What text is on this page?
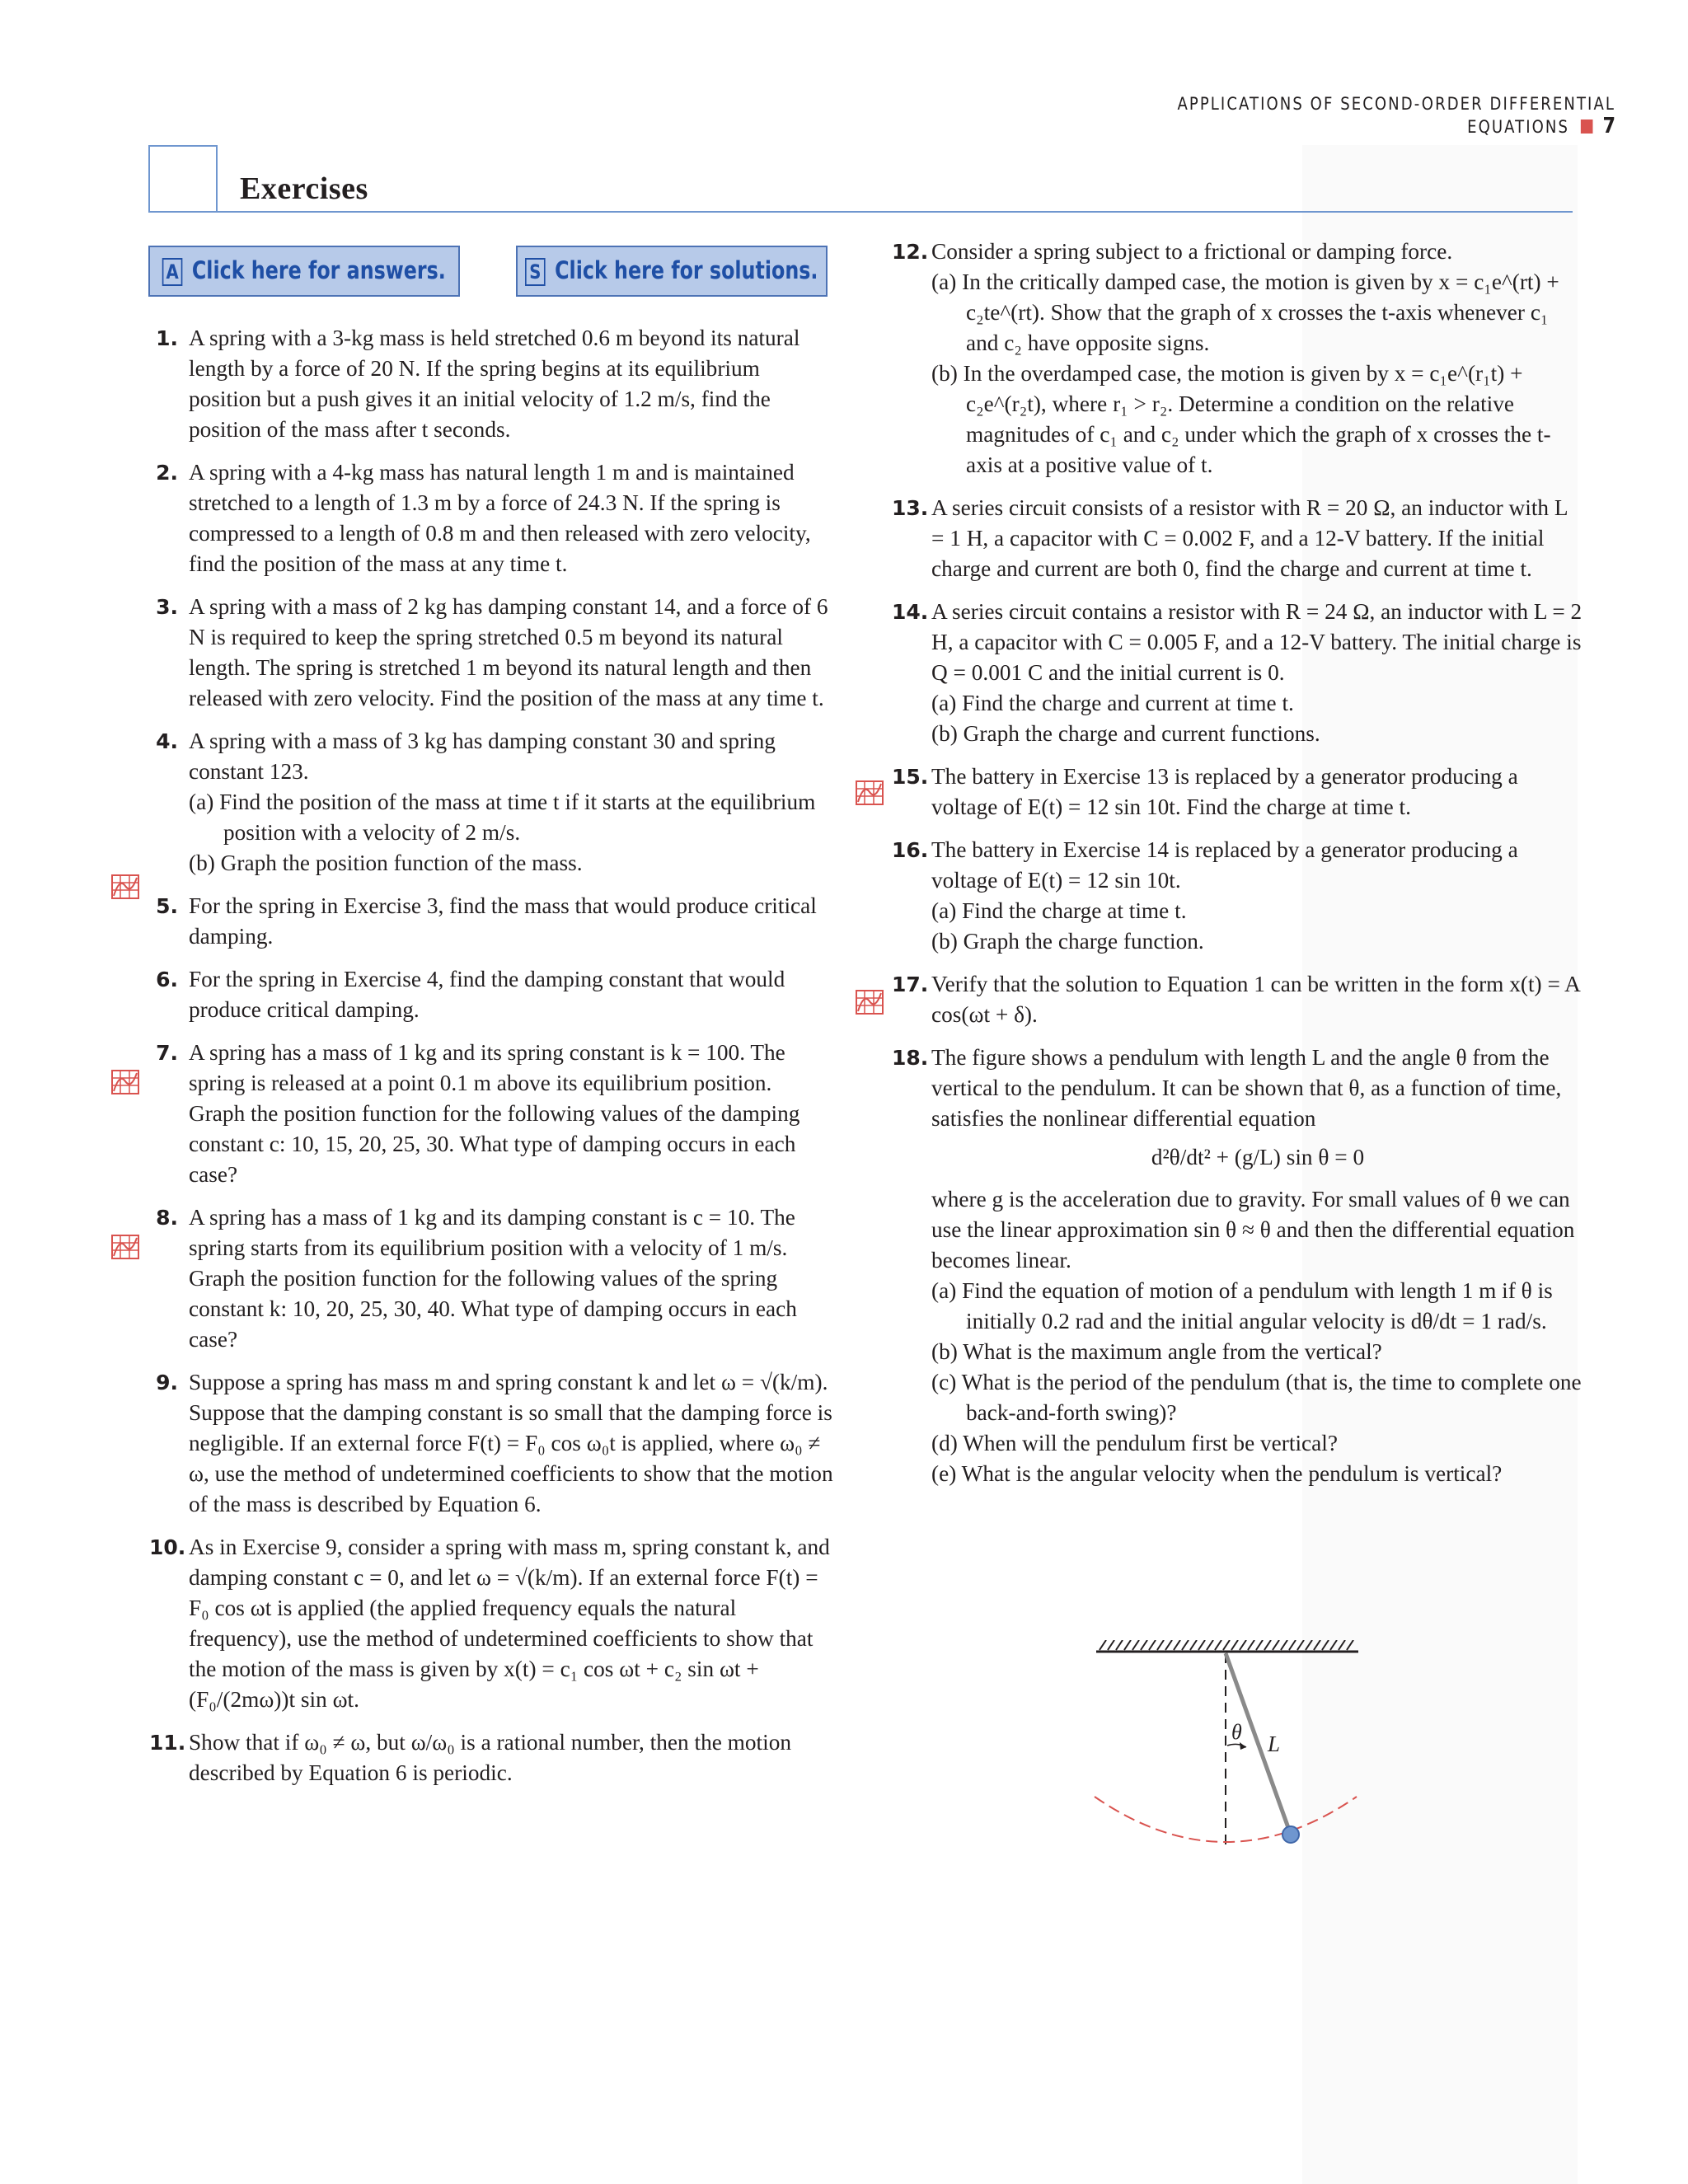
APPLICATIONS OF SECOND-ORDER DIFFERENTIAL EQUATIONS 7
Exercises
A Click here for answers.	S Click here for solutions.
1. A spring with a 3-kg mass is held stretched 0.6 m beyond its natural length by a force of 20 N. If the spring begins at its equilibrium position but a push gives it an initial velocity of 1.2 m/s, find the position of the mass after t seconds.
2. A spring with a 4-kg mass has natural length 1 m and is maintained stretched to a length of 1.3 m by a force of 24.3 N. If the spring is compressed to a length of 0.8 m and then released with zero velocity, find the position of the mass at any time t.
3. A spring with a mass of 2 kg has damping constant 14, and a force of 6 N is required to keep the spring stretched 0.5 m beyond its natural length. The spring is stretched 1 m beyond its natural length and then released with zero velocity. Find the position of the mass at any time t.
4. A spring with a mass of 3 kg has damping constant 30 and spring constant 123.
(a) Find the position of the mass at time t if it starts at the equilibrium position with a velocity of 2 m/s.
(b) Graph the position function of the mass.
5. For the spring in Exercise 3, find the mass that would produce critical damping.
6. For the spring in Exercise 4, find the damping constant that would produce critical damping.
7. A spring has a mass of 1 kg and its spring constant is k = 100. The spring is released at a point 0.1 m above its equilibrium position. Graph the position function for the following values of the damping constant c: 10, 15, 20, 25, 30. What type of damping occurs in each case?
8. A spring has a mass of 1 kg and its damping constant is c = 10. The spring starts from its equilibrium position with a velocity of 1 m/s. Graph the position function for the following values of the spring constant k: 10, 20, 25, 30, 40. What type of damping occurs in each case?
9. Suppose a spring has mass m and spring constant k and let ω = √(k/m). Suppose that the damping constant is so small that the damping force is negligible. If an external force F(t) = F₀ cos ω₀t is applied, where ω₀ ≠ ω, use the method of undetermined coefficients to show that the motion of the mass is described by Equation 6.
10. As in Exercise 9, consider a spring with mass m, spring constant k, and damping constant c = 0, and let ω = √(k/m). If an external force F(t) = F₀ cos ωt is applied (the applied frequency equals the natural frequency), use the method of undetermined coefficients to show that the motion of the mass is given by x(t) = c₁ cos ωt + c₂ sin ωt + (F₀/(2mω))t sin ωt.
11. Show that if ω₀ ≠ ω, but ω/ω₀ is a rational number, then the motion described by Equation 6 is periodic.
12. Consider a spring subject to a frictional or damping force.
(a) In the critically damped case, the motion is given by x = c₁e^(rt) + c₂te^(rt). Show that the graph of x crosses the t-axis whenever c₁ and c₂ have opposite signs.
(b) In the overdamped case, the motion is given by x = c₁e^(r₁t) + c₂e^(r₂t), where r₁ > r₂. Determine a condition on the relative magnitudes of c₁ and c₂ under which the graph of x crosses the t-axis at a positive value of t.
13. A series circuit consists of a resistor with R = 20 Ω, an inductor with L = 1 H, a capacitor with C = 0.002 F, and a 12-V battery. If the initial charge and current are both 0, find the charge and current at time t.
14. A series circuit contains a resistor with R = 24 Ω, an inductor with L = 2 H, a capacitor with C = 0.005 F, and a 12-V battery. The initial charge is Q = 0.001 C and the initial current is 0.
(a) Find the charge and current at time t.
(b) Graph the charge and current functions.
15. The battery in Exercise 13 is replaced by a generator producing a voltage of E(t) = 12 sin 10t. Find the charge at time t.
16. The battery in Exercise 14 is replaced by a generator producing a voltage of E(t) = 12 sin 10t.
(a) Find the charge at time t.
(b) Graph the charge function.
17. Verify that the solution to Equation 1 can be written in the form x(t) = A cos(ωt + δ).
18. The figure shows a pendulum with length L and the angle θ from the vertical to the pendulum. It can be shown that θ, as a function of time, satisfies the nonlinear differential equation
d²θ/dt² + (g/L) sin θ = 0
where g is the acceleration due to gravity. For small values of θ we can use the linear approximation sin θ ≈ θ and then the differential equation becomes linear.
(a) Find the equation of motion of a pendulum with length 1 m if θ is initially 0.2 rad and the initial angular velocity is dθ/dt = 1 rad/s.
(b) What is the maximum angle from the vertical?
(c) What is the period of the pendulum (that is, the time to complete one back-and-forth swing)?
(d) When will the pendulum first be vertical?
(e) What is the angular velocity when the pendulum is vertical?
θ L
